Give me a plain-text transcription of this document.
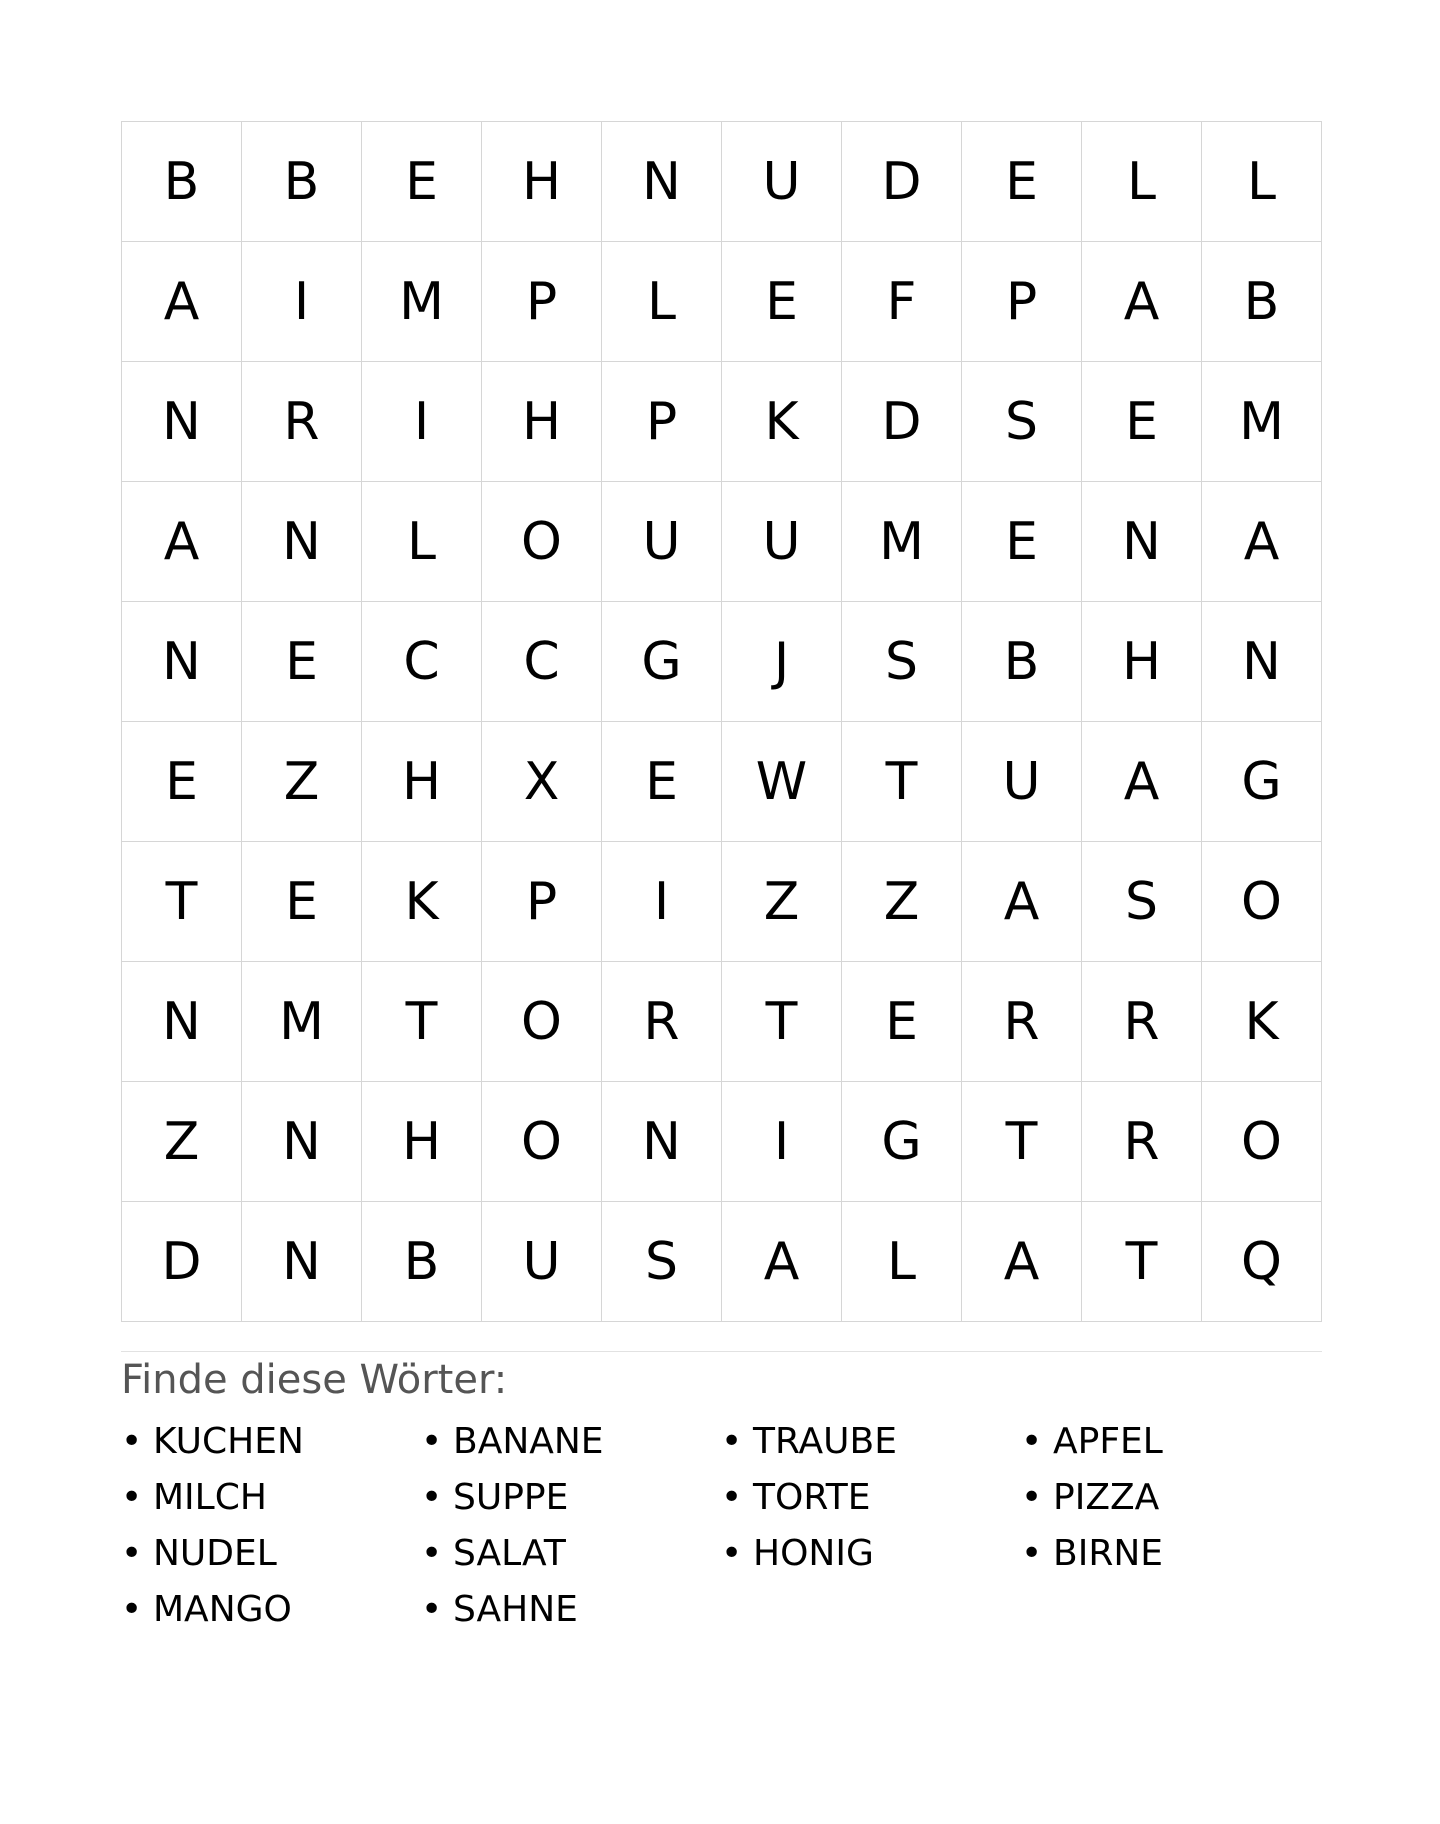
B	B	E	H	N	U	D	E	L	L
A	I	M	P	L	E	F	P	A	B
N	R	I	H	P	K	D	S	E	M
A	N	L	O	U	U	M	E	N	A
N	E	C	C	G	J	S	B	H	N
E	Z	H	X	E	W	T	U	A	G
T	E	K	P	I	Z	Z	A	S	O
N	M	T	O	R	T	E	R	R	K
Z	N	H	O	N	I	G	T	R	O
D	N	B	U	S	A	L	A	T	Q
Finde diese Wörter:
• KUCHEN	• BANANE	• TRAUBE	• APFEL
• MILCH	• SUPPE	• TORTE	• PIZZA
• NUDEL	• SALAT	• HONIG	• BIRNE
• MANGO	• SAHNE
